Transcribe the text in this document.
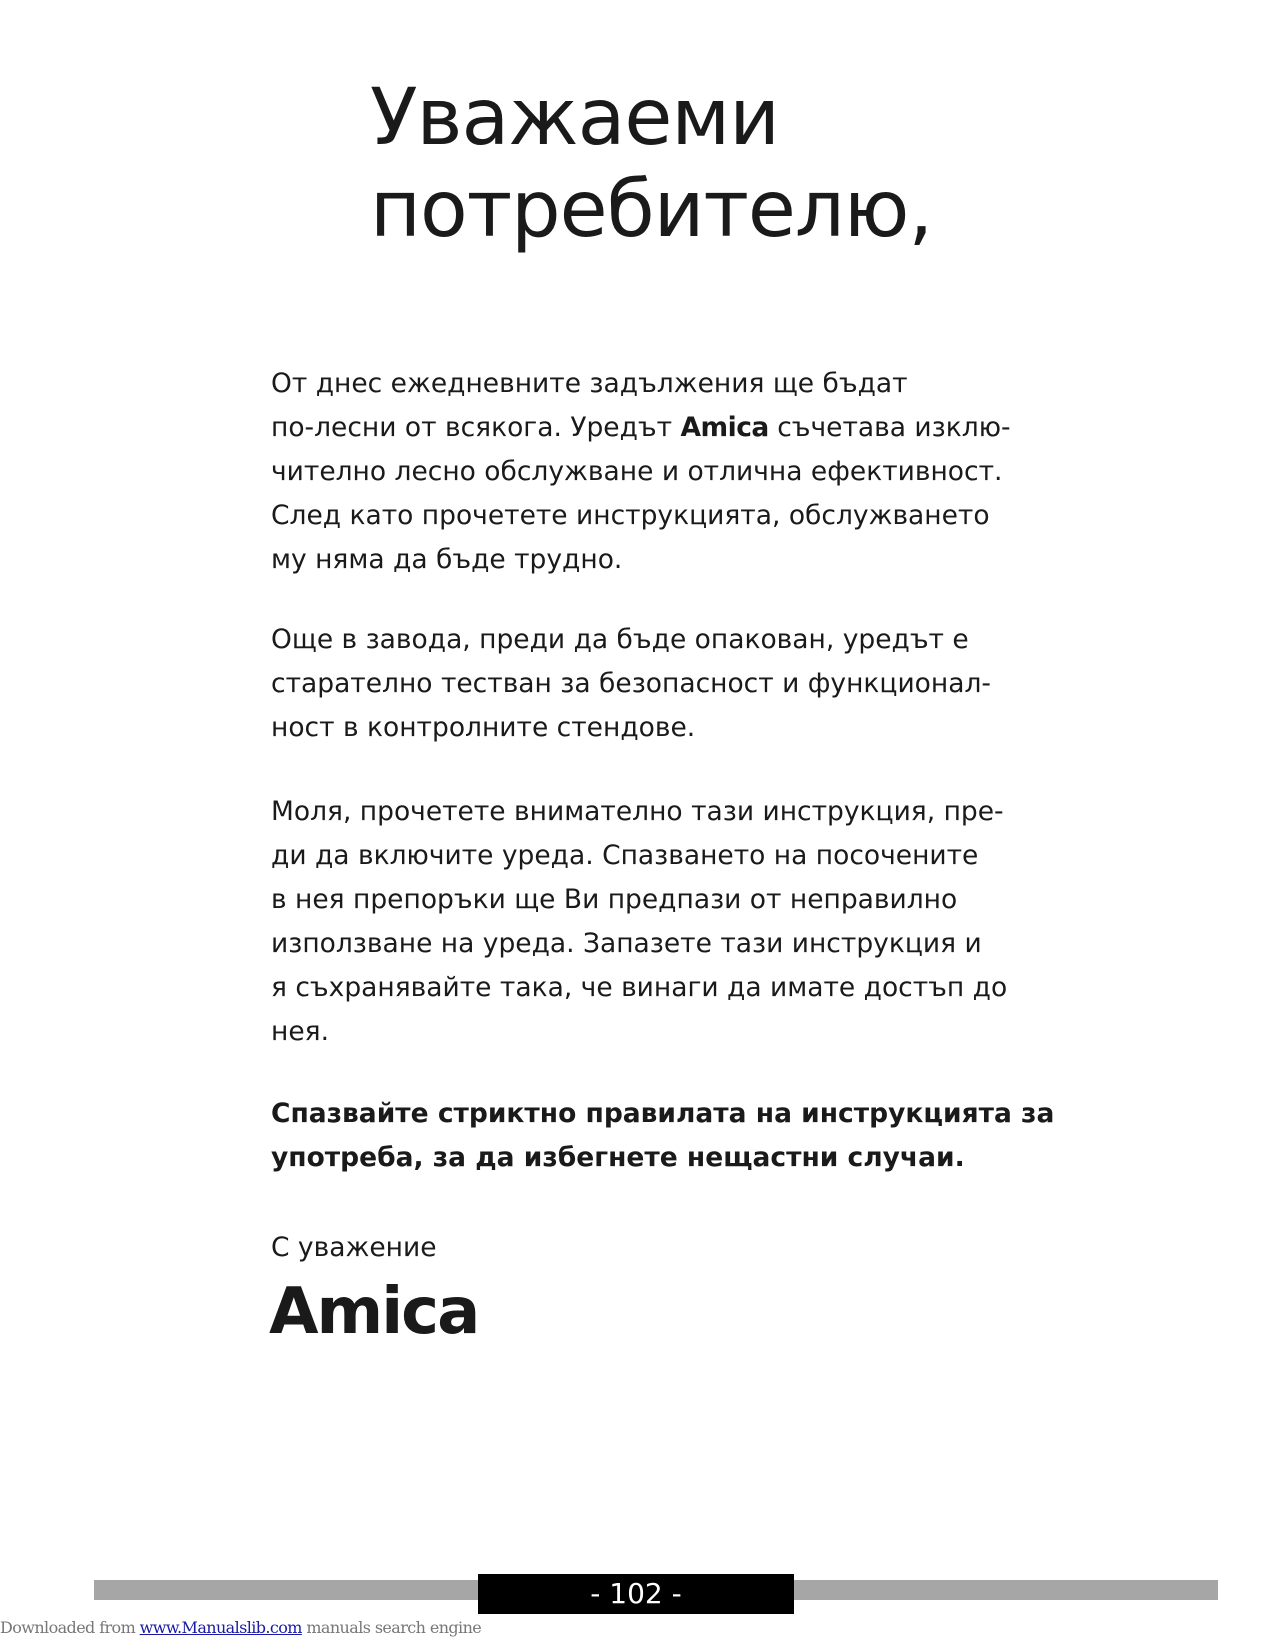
Уважаеми
потребителю,
От днес ежедневните задължения ще бъдат
по-лесни от всякога. Уредът Amica съчетава изклю-
чително лесно обслужване и отлична ефективност.
След като прочетете инструкцията, обслужването
му няма да бъде трудно.
Още в завода, преди да бъде опакован, уредът е
старателно тестван за безопасност и функционал-
ност в контролните стендове.
Моля, прочетете внимателно тази инструкция, пре-
ди да включите уреда. Спазването на посочените
в нея препоръки ще Ви предпази от неправилно
използване на уреда. Запазете тази инструкция и
я съхранявайте така, че винаги да имате достъп до
нея.
Спазвайте стриктно правилата на инструкцията за
употреба, за да избегнете нещастни случаи.
С уважение
Amica
- 102 -
Downloaded from www.Manualslib.com manuals search engine
